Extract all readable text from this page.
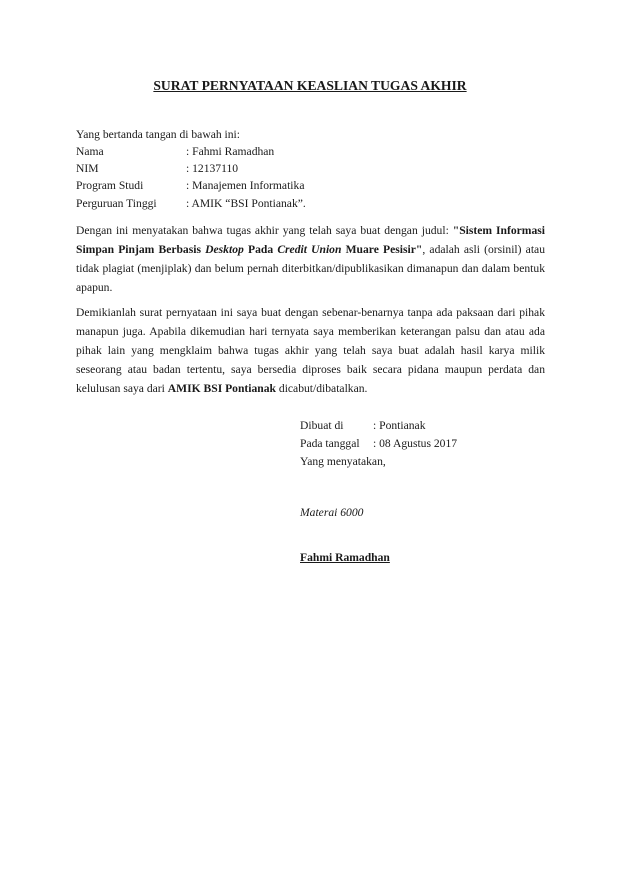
SURAT PERNYATAAN KEASLIAN TUGAS AKHIR
Yang bertanda tangan di bawah ini:
Nama	: Fahmi Ramadhan
NIM	: 12137110
Program Studi	: Manajemen Informatika
Perguruan Tinggi	: AMIK “BSI Pontianak”.

Dengan ini menyatakan bahwa tugas akhir yang telah saya buat dengan judul: "Sistem Informasi Simpan Pinjam Berbasis Desktop Pada Credit Union Muare Pesisir", adalah asli (orsinil) atau tidak plagiat (menjiplak) dan belum pernah diterbitkan/dipublikasikan dimanapun dan dalam bentuk apapun.

Demikianlah surat pernyataan ini saya buat dengan sebenar-benarnya tanpa ada paksaan dari pihak manapun juga. Apabila dikemudian hari ternyata saya memberikan keterangan palsu dan atau ada pihak lain yang mengklaim bahwa tugas akhir yang telah saya buat adalah hasil karya milik seseorang atau badan tertentu, saya bersedia diproses baik secara pidana maupun perdata dan kelulusan saya dari AMIK BSI Pontianak dicabut/dibatalkan.

Dibuat di	: Pontianak
Pada tanggal : 08 Agustus 2017
Yang menyatakan,
Materai 6000
Fahmi Ramadhan
